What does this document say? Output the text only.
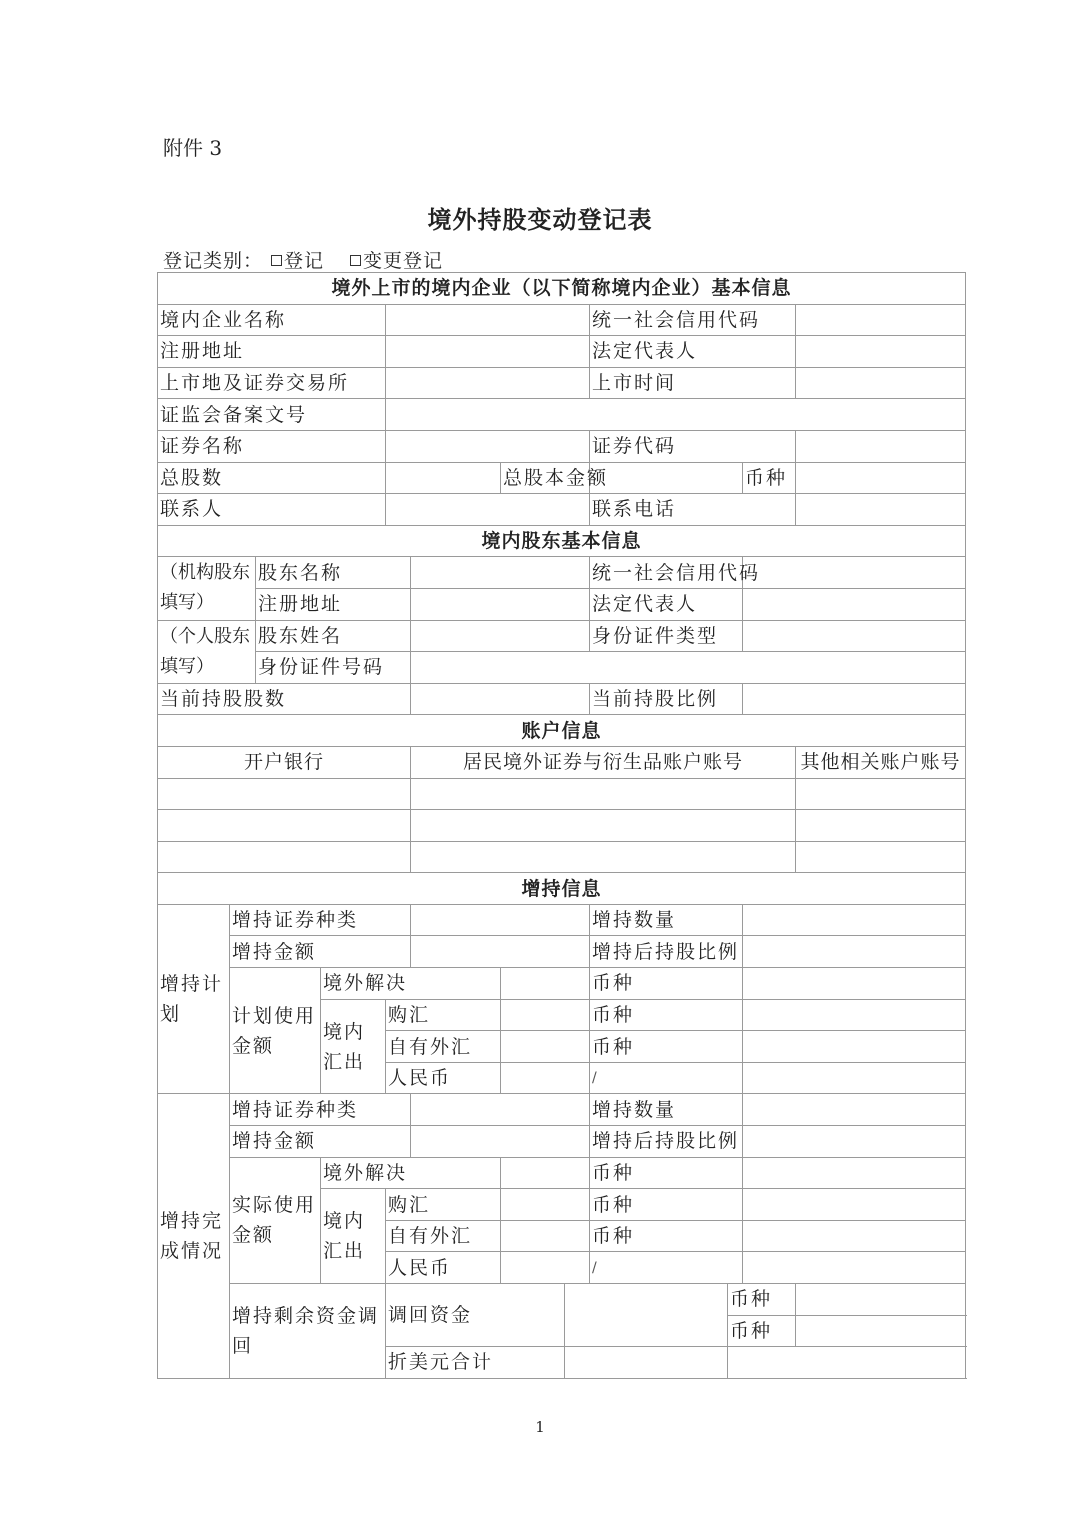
附件 3
境外持股变动登记表
登记类别： 登记 变更登记
境外上市的境内企业（以下简称境内企业）基本信息											
境内企业名称								统一社会信用代码			
注册地址								法定代表人			
上市地及证券交易所								上市时间			
证监会备案文号											
证券名称								证券代码			
总股数						总股本金额				币种	
联系人								联系电话			
境内股东基本信息											
（机构股东填写）		股东名称						统一社会信用代码			
		注册地址						法定代表人			
（个人股东填写）		股东姓名						身份证件类型			
		身份证件号码									
当前持股股数								当前持股比例			
账户信息											
开户银行					居民境外证券与衍生品账户账号						其他相关账户账号

增持信息											
增持计划	增持证券种类							增持数量			
	增持金额							增持后持股比例			
	计划使用金额		境外解决					币种			
			境内汇出	购汇				币种			
				自有外汇				币种			
				人民币				/			
增持完成情况	增持证券种类							增持数量			
	增持金额							增持后持股比例			
	实际使用金额		境外解决					币种			
			境内汇出	购汇				币种			
				自有外汇				币种			
				人民币				/			
	增持剩余资金调回			调回资金					币种		
									币种		
				折美元合计							
1
